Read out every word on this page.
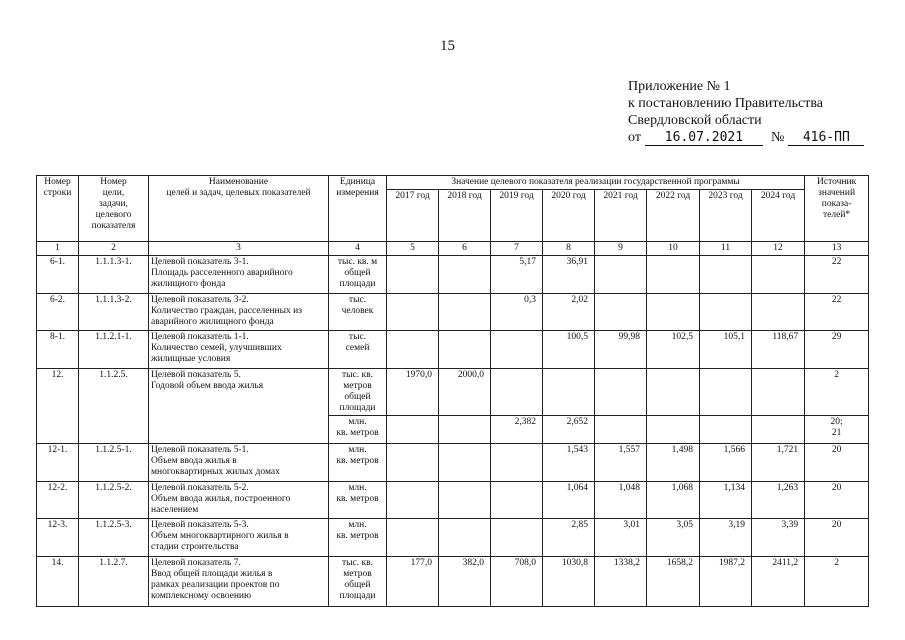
15
Приложение № 1
к постановлению Правительства
Свердловской области
от	16.07.2021	№	416-ПП
Номер
строки	Номер
цели,
задачи,
целевого
показателя	Наименование
целей и задач, целевых показателей	Единица
измерения	Значение целевого показателя реализации государственной программы								Источник
значений
показа-
телей*
				2017 год	2018 год	2019 год	2020 год	2021 год	2022 год	2023 год	2024 год	
1	2	3	4	5	6	7	8	9	10	11	12	13
6-1.	1.1.1.3-1.	Целевой показатель 3-1.
Площадь расселенного аварийного
жилищного фонда	тыс. кв. м
общей
площади			5,17	36,91					22
6-2.	1.1.1.3-2.	Целевой показатель 3-2.
Количество граждан, расселенных из
аварийного жилищного фонда	тыс.
человек			0,3	2,02					22
8-1.	1.1.2.1-1.	Целевой показатель 1-1.
Количество семей, улучшивших
жилищные условия	тыс.
семей				100,5	99,98	102,5	105,1	118,67	29
12.	1.1.2.5.	Целевой показатель 5.
Годовой объем ввода жилья	тыс. кв.
метров
общей
площади	1970,0	2000,0							2
			млн.
кв. метров			2,382	2,652					20;
21
12-1.	1.1.2.5-1.	Целевой показатель 5-1.
Объем ввода жилья в
многоквартирных жилых домах	млн.
кв. метров				1,543	1,557	1,498	1,566	1,721	20
12-2.	1.1.2.5-2.	Целевой показатель 5-2.
Объем ввода жилья, построенного
населением	млн.
кв. метров				1,064	1,048	1,068	1,134	1,263	20
12-3.	1.1.2.5-3.	Целевой показатель 5-3.
Объем многоквартирного жилья в
стадии строительства	млн.
кв. метров				2,85	3,01	3,05	3,19	3,39	20
14.	1.1.2.7.	Целевой показатель 7.
Ввод общей площади жилья в
рамках реализации проектов по
комплексному освоению	тыс. кв.
метров
общей
площади	177,0	382,0	708,0	1030,8	1338,2	1658,2	1987,2	2411,2	2
